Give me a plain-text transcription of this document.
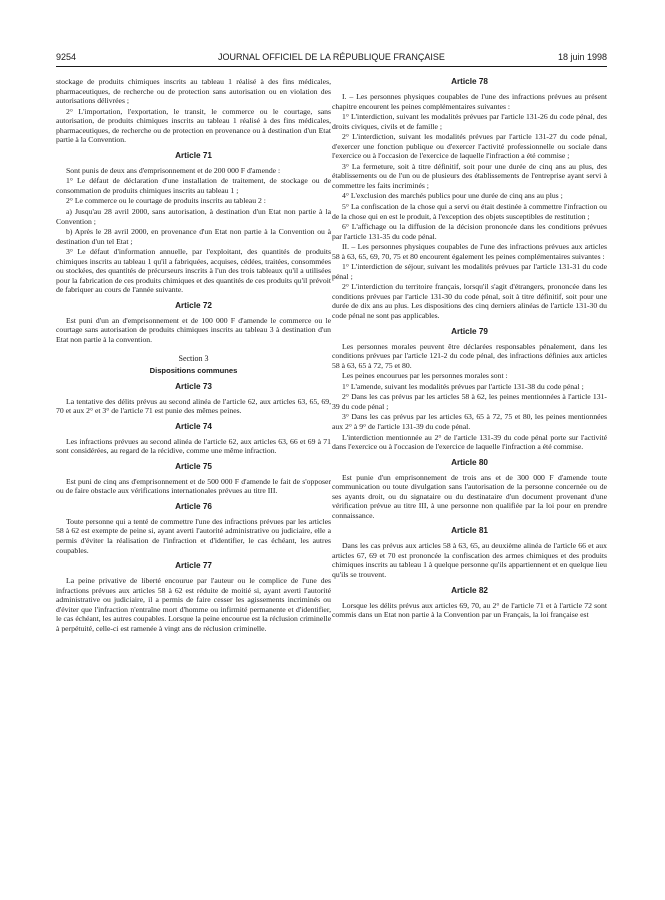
9254	JOURNAL OFFICIEL DE LA RÉPUBLIQUE FRANÇAISE	18 juin 1998

stockage de produits chimiques inscrits au tableau 1 réalisé à des fins médicales, pharmaceutiques, de recherche ou de protection sans autorisation ou en violation des autorisations délivrées ;

2° L'importation, l'exportation, le transit, le commerce ou le courtage, sans autorisation, de produits chimiques inscrits au tableau 1 réalisé à des fins médicales, pharmaceutiques, de recherche ou de protection en provenance ou à destination d'un Etat partie à la Convention.

Article 71

Sont punis de deux ans d'emprisonnement et de 200 000 F d'amende :

1° Le défaut de déclaration d'une installation de traitement, de stockage ou de consommation de produits chimiques inscrits au tableau 1 ;

2° Le commerce ou le courtage de produits inscrits au tableau 2 :

a) Jusqu'au 28 avril 2000, sans autorisation, à destination d'un Etat non partie à la Convention ;

b) Après le 28 avril 2000, en provenance d'un Etat non partie à la Convention ou à destination d'un tel Etat ;

3° Le défaut d'information annuelle, par l'exploitant, des quantités de produits chimiques inscrits au tableau 1 qu'il a fabriquées, acquises, cédées, traitées, consommées ou stockées, des quantités de précurseurs inscrits à l'un des trois tableaux qu'il a utilisées pour la fabrication de ces produits chimiques et des quantités de ces produits qu'il prévoit de fabriquer au cours de l'année suivante.

Article 72

Est puni d'un an d'emprisonnement et de 100 000 F d'amende le commerce ou le courtage sans autorisation de produits chimiques inscrits au tableau 3 à destination d'un Etat non partie à la convention.

Section 3
Dispositions communes
Article 73

La tentative des délits prévus au second alinéa de l'article 62, aux articles 63, 65, 69, 70 et aux 2° et 3° de l'article 71 est punie des mêmes peines.

Article 74

Les infractions prévues au second alinéa de l'article 62, aux articles 63, 66 et 69 à 71 sont considérées, au regard de la récidive, comme une même infraction.

Article 75

Est puni de cinq ans d'emprisonnement et de 500 000 F d'amende le fait de s'opposer ou de faire obstacle aux vérifications internationales prévues au titre III.

Article 76

Toute personne qui a tenté de commettre l'une des infractions prévues par les articles 58 à 62 est exempte de peine si, ayant averti l'autorité administrative ou judiciaire, elle a permis d'éviter la réalisation de l'infraction et d'identifier, le cas échéant, les autres coupables.

Article 77

La peine privative de liberté encourue par l'auteur ou le complice de l'une des infractions prévues aux articles 58 à 62 est réduite de moitié si, ayant averti l'autorité administrative ou judiciaire, il a permis de faire cesser les agissements incriminés ou d'éviter que l'infraction n'entraîne mort d'homme ou infirmité permanente et d'identifier, le cas échéant, les autres coupables. Lorsque la peine encourue est la réclusion criminelle à perpétuité, celle-ci est ramenée à vingt ans de réclusion criminelle.

Article 78

I. – Les personnes physiques coupables de l'une des infractions prévues au présent chapitre encourent les peines complémentaires suivantes :

1° L'interdiction, suivant les modalités prévues par l'article 131-26 du code pénal, des droits civiques, civils et de famille ;

2° L'interdiction, suivant les modalités prévues par l'article 131-27 du code pénal, d'exercer une fonction publique ou d'exercer l'activité professionnelle ou sociale dans l'exercice ou à l'occasion de l'exercice de laquelle l'infraction a été commise ;

3° La fermeture, soit à titre définitif, soit pour une durée de cinq ans au plus, des établissements ou de l'un ou de plusieurs des établissements de l'entreprise ayant servi à commettre les faits incriminés ;

4° L'exclusion des marchés publics pour une durée de cinq ans au plus ;

5° La confiscation de la chose qui a servi ou était destinée à commettre l'infraction ou de la chose qui en est le produit, à l'exception des objets susceptibles de restitution ;

6° L'affichage ou la diffusion de la décision prononcée dans les conditions prévues par l'article 131-35 du code pénal.

II. – Les personnes physiques coupables de l'une des infractions prévues aux articles 58 à 63, 65, 69, 70, 75 et 80 encourent également les peines complémentaires suivantes :

1° L'interdiction de séjour, suivant les modalités prévues par l'article 131-31 du code pénal ;

2° L'interdiction du territoire français, lorsqu'il s'agit d'étrangers, prononcée dans les conditions prévues par l'article 131-30 du code pénal, soit à titre définitif, soit pour une durée de dix ans au plus. Les dispositions des cinq derniers alinéas de l'article 131-30 du code pénal ne sont pas applicables.

Article 79

Les personnes morales peuvent être déclarées responsables pénalement, dans les conditions prévues par l'article 121-2 du code pénal, des infractions définies aux articles 58 à 63, 65 à 72, 75 et 80.

Les peines encourues par les personnes morales sont :

1° L'amende, suivant les modalités prévues par l'article 131-38 du code pénal ;

2° Dans les cas prévus par les articles 58 à 62, les peines mentionnées à l'article 131-39 du code pénal ;

3° Dans les cas prévus par les articles 63, 65 à 72, 75 et 80, les peines mentionnées aux 2° à 9° de l'article 131-39 du code pénal.

L'interdiction mentionnée au 2° de l'article 131-39 du code pénal porte sur l'activité dans l'exercice ou à l'occasion de l'exercice de laquelle l'infraction a été commise.

Article 80

Est punie d'un emprisonnement de trois ans et de 300 000 F d'amende toute communication ou toute divulgation sans l'autorisation de la personne concernée ou de ses ayants droit, ou du signataire ou du destinataire d'un document provenant d'une vérification prévue au titre III, à une personne non qualifiée par la loi pour en prendre connaissance.

Article 81

Dans les cas prévus aux articles 58 à 63, 65, au deuxième alinéa de l'article 66 et aux articles 67, 69 et 70 est prononcée la confiscation des armes chimiques et des produits chimiques inscrits au tableau 1 à quelque personne qu'ils appartiennent et en quelque lieu qu'ils se trouvent.

Article 82

Lorsque les délits prévus aux articles 69, 70, au 2° de l'article 71 et à l'article 72 sont commis dans un Etat non partie à la Convention par un Français, la loi française est
